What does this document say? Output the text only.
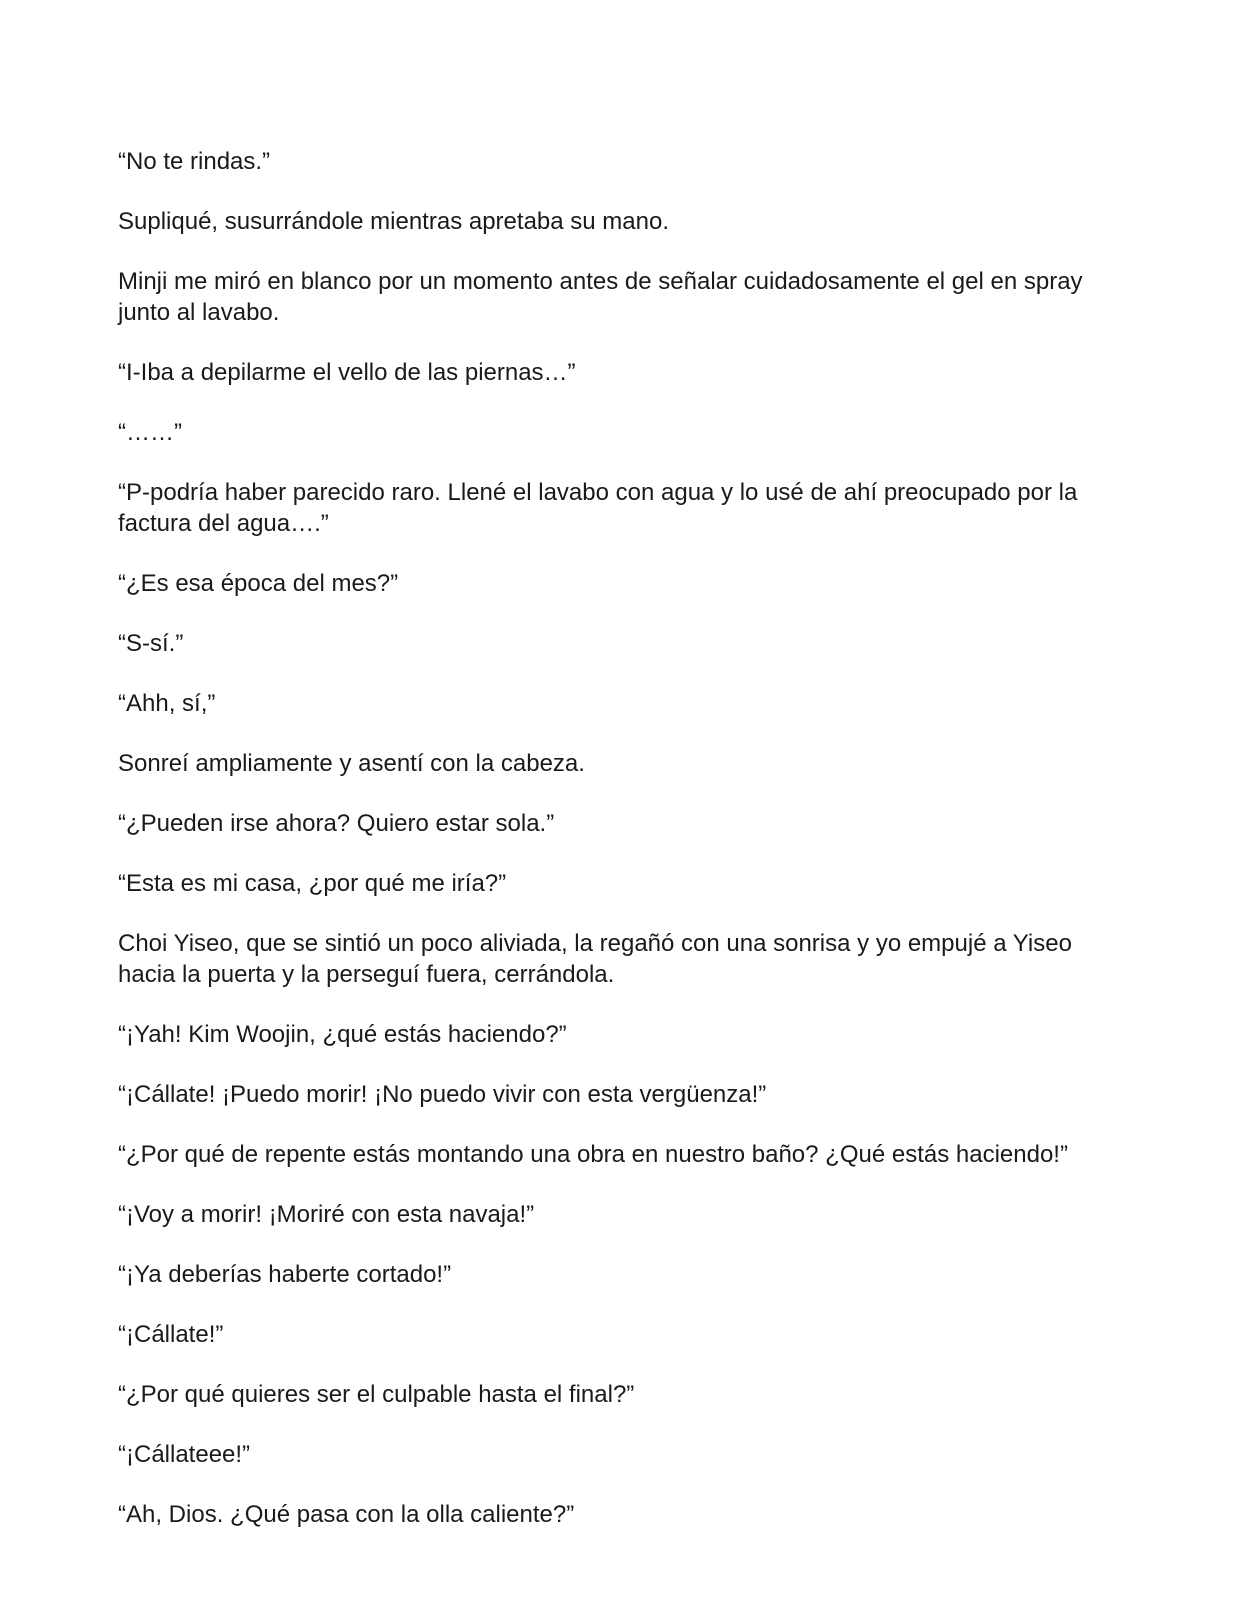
“No te rindas.”

Supliqué, susurrándole mientras apretaba su mano.

Minji me miró en blanco por un momento antes de señalar cuidadosamente el gel en spray junto al lavabo.

“I-Iba a depilarme el vello de las piernas…”

“……”

“P-podría haber parecido raro. Llené el lavabo con agua y lo usé de ahí preocupado por la factura del agua….”

“¿Es esa época del mes?”

“S-sí.”

“Ahh, sí,”

Sonreí ampliamente y asentí con la cabeza.

“¿Pueden irse ahora? Quiero estar sola.”

“Esta es mi casa, ¿por qué me iría?”

Choi Yiseo, que se sintió un poco aliviada, la regañó con una sonrisa y yo empujé a Yiseo hacia la puerta y la perseguí fuera, cerrándola.

“¡Yah! Kim Woojin, ¿qué estás haciendo?”

“¡Cállate! ¡Puedo morir! ¡No puedo vivir con esta vergüenza!”

“¿Por qué de repente estás montando una obra en nuestro baño? ¿Qué estás haciendo!”

“¡Voy a morir! ¡Moriré con esta navaja!”

“¡Ya deberías haberte cortado!”

“¡Cállate!”

“¿Por qué quieres ser el culpable hasta el final?”

“¡Cállateee!”

“Ah, Dios. ¿Qué pasa con la olla caliente?”
